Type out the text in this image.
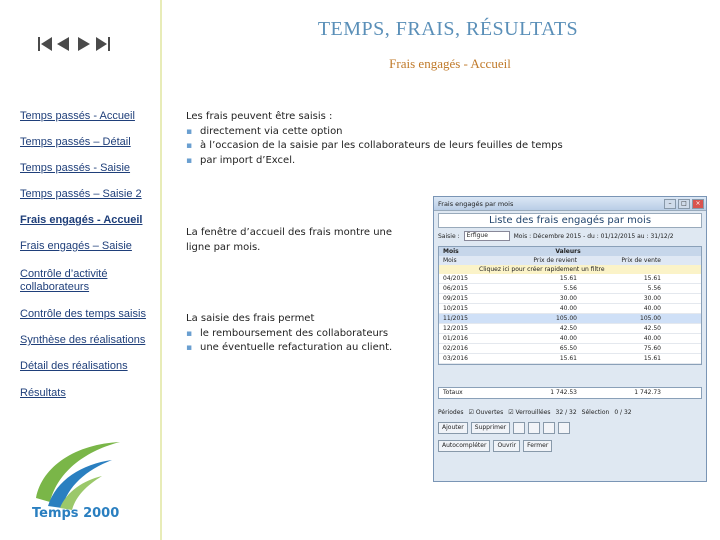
TEMPS, FRAIS, RÉSULTATS
Frais engagés - Accueil
Temps passés - Accueil
Temps passés – Détail
Temps passés - Saisie
Temps passés – Saisie 2
Frais engagés - Accueil
Frais engagés – Saisie
Contrôle d’activité collaborateurs
Contrôle des temps saisis
Synthèse des réalisations
Détail des réalisations
Résultats
Les frais peuvent être saisis :
▪ directement via cette option
▪ à l’occasion de la saisie par les collaborateurs de leurs feuilles de temps
▪ par import d’Excel.
La fenêtre d’accueil des frais montre une ligne par mois.
La saisie des frais permet
▪ le remboursement des collaborateurs
▪ une éventuelle refacturation au client.
Temps 2000
Frais engagés par mois	–	□	×
Liste des frais engagés par mois
Saisie :	Erfigue	Mois : Décembre 2015 - du : 01/12/2015 au : 31/12/2
Mois	Valeurs
Mois	Prix de revient	Prix de vente
Cliquez ici pour créer rapidement un filtre
04/2015	15.61	15.61
06/2015	5.56	5.56
09/2015	30.00	30.00
10/2015	40.00	40.00
11/2015	105.00	105.00
12/2015	42.50	42.50
01/2016	40.00	40.00
02/2016	65.50	75.60
03/2016	15.61	15.61
Totaux	1 742.53	1 742.73
Périodes ☑ Ouvertes ☑ Verrouillées 32 / 32 Sélection 0 / 32
Ajouter	Supprimer
Autocompléter	Ouvrir	Fermer
